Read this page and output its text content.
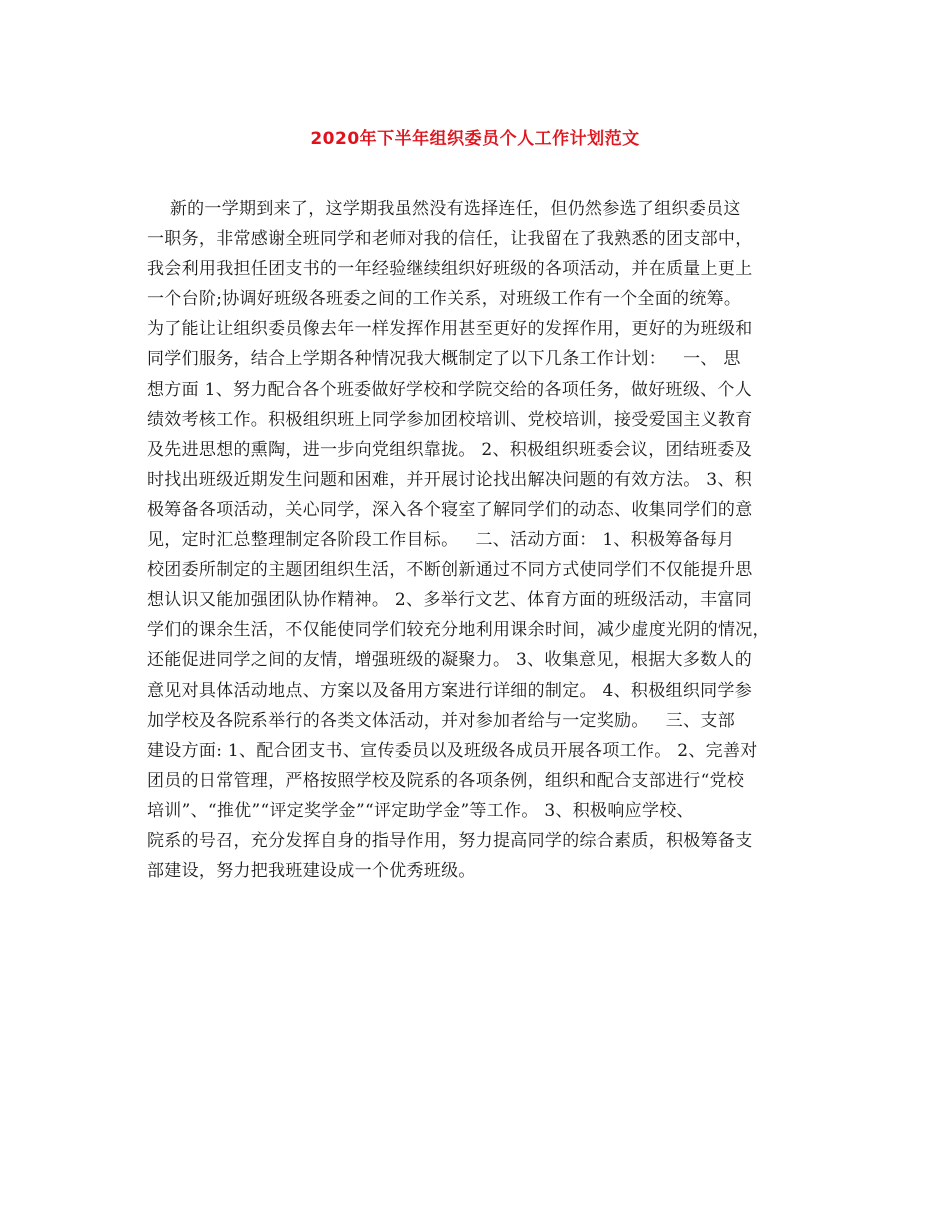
2020年下半年组织委员个人工作计划范文
新的一学期到来了，这学期我虽然没有选择连任，但仍然参选了组织委员这
一职务，非常感谢全班同学和老师对我的信任，让我留在了我熟悉的团支部中，
我会利用我担任团支书的一年经验继续组织好班级的各项活动，并在质量上更上
一个台阶;协调好班级各班委之间的工作关系，对班级工作有一个全面的统筹。
为了能让让组织委员像去年一样发挥作用甚至更好的发挥作用，更好的为班级和
同学们服务，结合上学期各种情况我大概制定了以下几条工作计划：   一、 思
想方面 1、努力配合各个班委做好学校和学院交给的各项任务，做好班级、个人
绩效考核工作。积极组织班上同学参加团校培训、党校培训，接受爱国主义教育
及先进思想的熏陶，进一步向党组织靠拢。 2、积极组织班委会议，团结班委及
时找出班级近期发生问题和困难，并开展讨论找出解决问题的有效方法。 3、积
极筹备各项活动，关心同学，深入各个寝室了解同学们的动态、收集同学们的意
见，定时汇总整理制定各阶段工作目标。   二、活动方面： 1、积极筹备每月
校团委所制定的主题团组织生活，不断创新通过不同方式使同学们不仅能提升思
想认识又能加强团队协作精神。 2、多举行文艺、体育方面的班级活动，丰富同
学们的课余生活，不仅能使同学们较充分地利用课余时间，减少虚度光阴的情况，
还能促进同学之间的友情，增强班级的凝聚力。 3、收集意见，根据大多数人的
意见对具体活动地点、方案以及备用方案进行详细的制定。 4、积极组织同学参
加学校及各院系举行的各类文体活动，并对参加者给与一定奖励。   三、支部
建设方面: 1、配合团支书、宣传委员以及班级各成员开展各项工作。 2、完善对
团员的日常管理，严格按照学校及院系的各项条例，组织和配合支部进行“党校
培训”、“推优”“评定奖学金”“评定助学金”等工作。 3、积极响应学校、
院系的号召，充分发挥自身的指导作用，努力提高同学的综合素质，积极筹备支
部建设，努力把我班建设成一个优秀班级。
